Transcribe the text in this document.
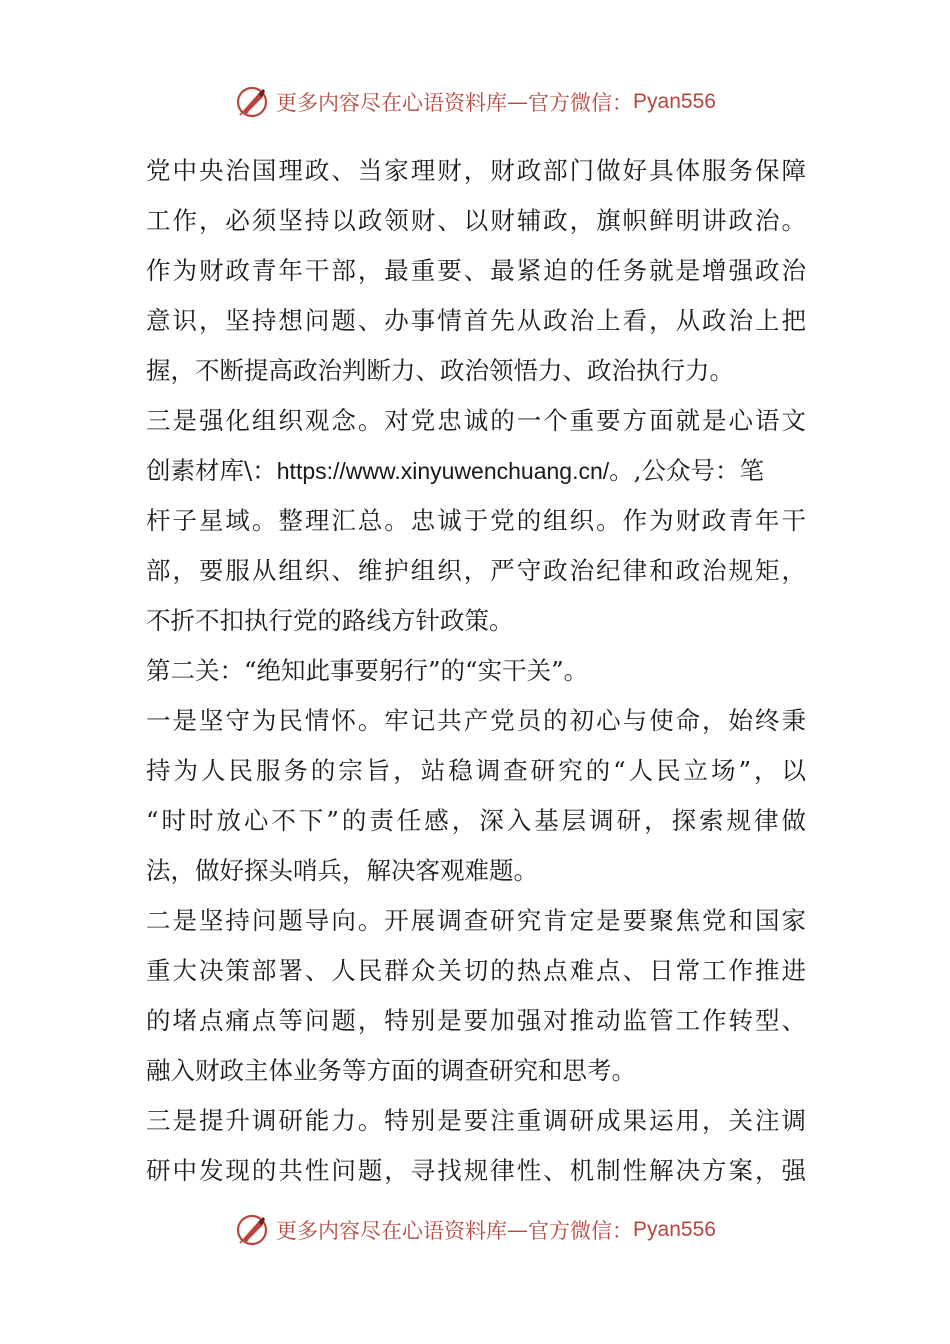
更多内容尽在心语资料库 — 官方微信： Pyan556
党中央治国理政、当家理财，财政部门做好具体服务保障
工作，必须坚持以政领财、以财辅政，旗帜鲜明讲政治。
作为财政青年干部，最重要、最紧迫的任务就是增强政治
意识，坚持想问题、办事情首先从政治上看，从政治上把
握，不断提高政治判断力、政治领悟力、政治执行力。
三是强化组织观念。对党忠诚的一个重要方面就是心语文
创素材库\：https://www.xinyuwenchuang.cn/。,公众号：笔
杆子星域。整理汇总。忠诚于党的组织。作为财政青年干
部，要服从组织、维护组织，严守政治纪律和政治规矩，
不折不扣执行党的路线方针政策。
第二关：“绝知此事要躬行”的“实干关”。
一是坚守为民情怀。牢记共产党员的初心与使命，始终秉
持为人民服务的宗旨，站稳调查研究的“人民立场”，以
“时时放心不下”的责任感，深入基层调研，探索规律做
法，做好探头哨兵，解决客观难题。
二是坚持问题导向。开展调查研究肯定是要聚焦党和国家
重大决策部署、人民群众关切的热点难点、日常工作推进
的堵点痛点等问题，特别是要加强对推动监管工作转型、
融入财政主体业务等方面的调查研究和思考。
三是提升调研能力。特别是要注重调研成果运用，关注调
研中发现的共性问题，寻找规律性、机制性解决方案，强
更多内容尽在心语资料库 — 官方微信： Pyan556
